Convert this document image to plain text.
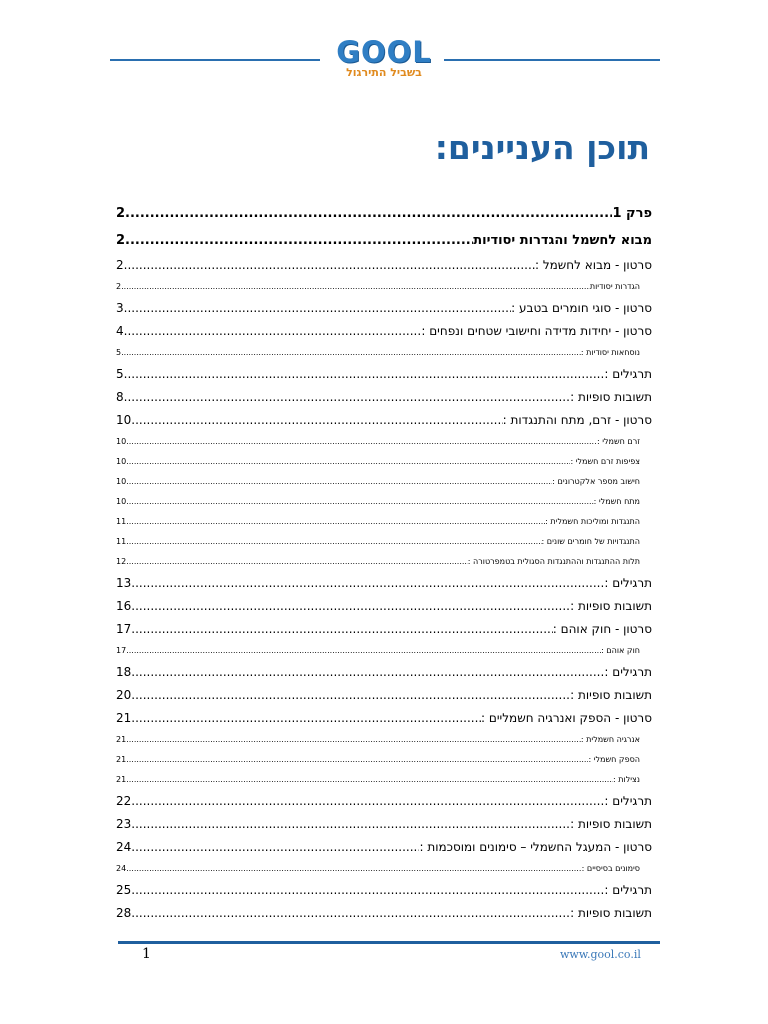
GOOL
בשביל התירגול
תוכן העניינים:
פרק 1
.....
2
מבוא לחשמל והגדרות יסודיות
.....
2
סרטון - מבוא לחשמל :
.....
2
הגדרות יסודיות
.....
2
סרטון - סוגי חומרים בטבע :
.....
3
סרטון - יחידות מדידה וחישובי שטחים ונפחים :
.....
4
נוסחאות יסודיות :
.....
5
תרגילים :
.....
5
תשובות סופיות :
.....
8
סרטון - זרם, מתח והתנגדות :
.....
10
זרם חשמלי :
.....
10
צפיפות זרם חשמלי :
.....
10
חישוב מספר אלקטרונים :
.....
10
מתח חשמלי :
.....
10
התנגדות ומוליכות חשמלית :
.....
11
התנגדויות של חומרים שונים :
.....
11
תלות ההתנגדות וההתנגדות הסגולית בטמפרטורה :
.....
12
תרגילים :
.....
13
תשובות סופיות :
.....
16
סרטון - חוק אוהם :
.....
17
חוק אוהם :
.....
17
תרגילים :
.....
18
תשובות סופיות :
.....
20
סרטון - הספק ואנרגיה חשמליים :
.....
21
אנרגיה חשמלית :
.....
21
הספק חשמלי :
.....
21
נצילות :
.....
21
תרגילים :
.....
22
תשובות סופיות :
.....
23
סרטון - המעגל החשמלי – סימונים ומוסכמות :
.....
24
סימונים בסיסיים :
.....
24
תרגילים :
.....
25
תשובות סופיות :
.....
28
1	www.gool.co.il
